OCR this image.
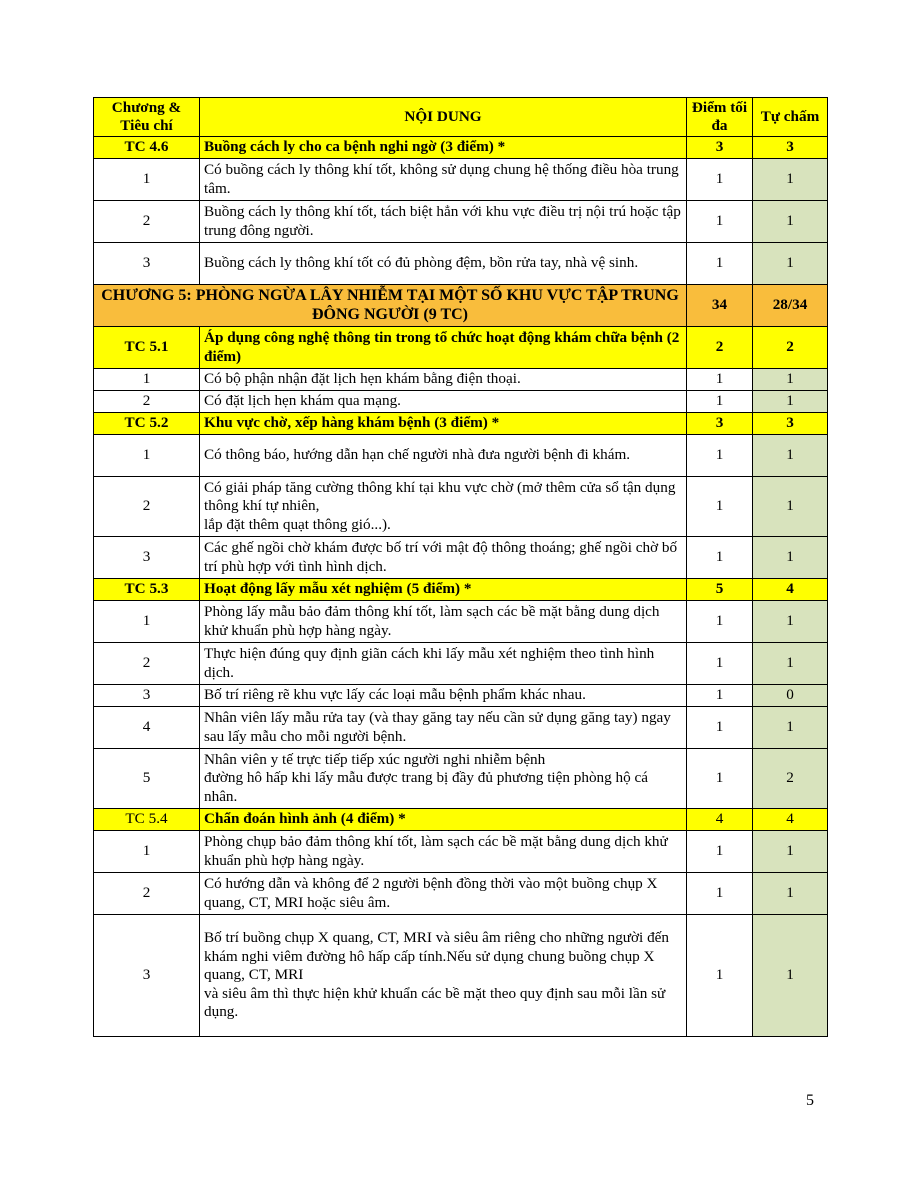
Chương & Tiêu chí	NỘI DUNG	Điểm tối đa	Tự chấm
TC 4.6	Buồng cách ly cho ca bệnh nghi ngờ (3 điểm) *	3	3
1	Có buồng cách ly thông khí tốt, không sử dụng chung hệ thống điều hòa trung tâm.	1	1
2	Buồng cách ly thông khí tốt, tách biệt hẳn với khu vực điều trị nội trú hoặc tập trung đông người.	1	1
3	Buồng cách ly thông khí tốt có đủ phòng đệm, bồn rửa tay, nhà vệ sinh.	1	1
CHƯƠNG 5: PHÒNG NGỪA LÂY NHIỄM TẠI MỘT SỐ KHU VỰC TẬP TRUNG ĐÔNG NGƯỜI (9 TC)		34	28/34
TC 5.1	Áp dụng công nghệ thông tin trong tổ chức hoạt động khám chữa bệnh (2 điểm)	2	2
1	Có bộ phận nhận đặt lịch hẹn khám bằng điện thoại.	1	1
2	Có đặt lịch hẹn khám qua mạng.	1	1
TC 5.2	Khu vực chờ, xếp hàng khám bệnh (3 điểm) *	3	3
1	Có thông báo, hướng dẫn hạn chế người nhà đưa người bệnh đi khám.	1	1
2	Có giải pháp tăng cường thông khí tại khu vực chờ (mở thêm cửa sổ tận dụng thông khí tự nhiên,
lắp đặt thêm quạt thông gió...).	1	1
3	Các ghế ngồi chờ khám được bố trí với mật độ thông thoáng; ghế ngồi chờ bố trí phù hợp với tình hình dịch.	1	1
TC 5.3	Hoạt động lấy mẫu xét nghiệm (5 điểm) *	5	4
1	Phòng lấy mẫu bảo đảm thông khí tốt, làm sạch các bề mặt bằng dung dịch khử khuẩn phù hợp hàng ngày.	1	1
2	Thực hiện đúng quy định giãn cách khi lấy mẫu xét nghiệm theo tình hình dịch.	1	1
3	Bố trí riêng rẽ khu vực lấy các loại mẫu bệnh phẩm khác nhau.	1	0
4	Nhân viên lấy mẫu rửa tay (và thay găng tay nếu cần sử dụng găng tay) ngay sau lấy mẫu cho mỗi người bệnh.	1	1
5	Nhân viên y tế trực tiếp tiếp xúc người nghi nhiễm bệnh
đường hô hấp khi lấy mẫu được trang bị đầy đủ phương tiện phòng hộ cá nhân.	1	2
TC 5.4	Chẩn đoán hình ảnh (4 điểm) *	4	4
1	Phòng chụp bảo đảm thông khí tốt, làm sạch các bề mặt bằng dung dịch khử khuẩn phù hợp hàng ngày.	1	1
2	Có hướng dẫn và không để 2 người bệnh đồng thời vào một buồng chụp X quang, CT, MRI hoặc siêu âm.	1	1
3	Bố trí buồng chụp X quang, CT, MRI và siêu âm riêng cho những người đến
khám nghi viêm đường hô hấp cấp tính.Nếu sử dụng chung buồng chụp X quang, CT, MRI
và siêu âm thì thực hiện khử khuẩn các bề mặt theo quy định sau mỗi lần sử dụng.	1	1
5
